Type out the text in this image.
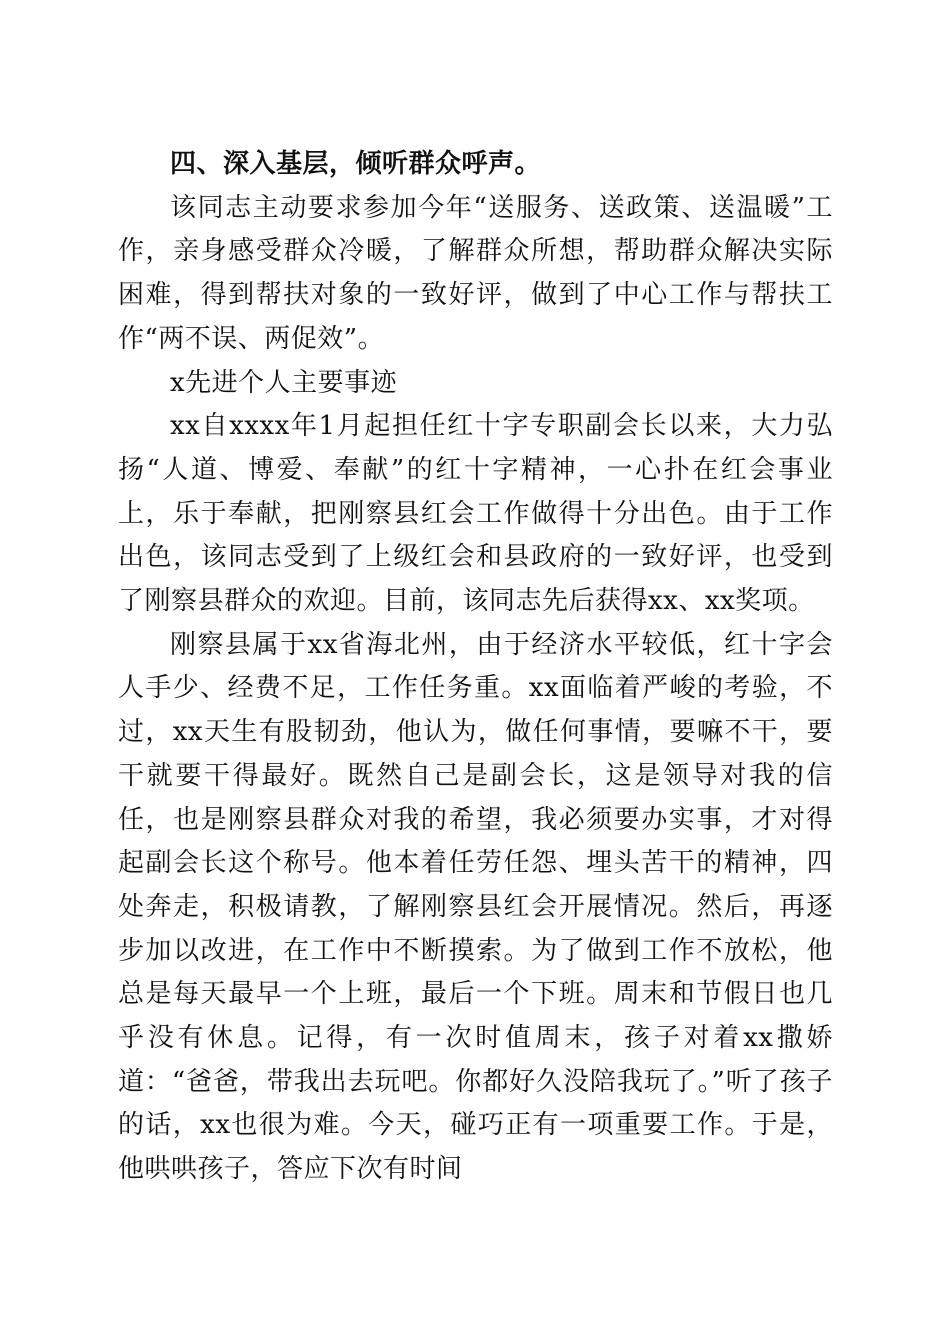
四、深入基层，倾听群众呼声。

该同志主动要求参加今年“送服务、送政策、送温暖”工作，亲身感受群众冷暖，了解群众所想，帮助群众解决实际困难，得到帮扶对象的一致好评，做到了中心工作与帮扶工作“两不误、两促效”。

x先进个人主要事迹

xx自xxxx年1月起担任红十字专职副会长以来，大力弘扬“人道、博爱、奉献”的红十字精神，一心扑在红会事业上，乐于奉献，把刚察县红会工作做得十分出色。由于工作出色，该同志受到了上级红会和县政府的一致好评，也受到了刚察县群众的欢迎。目前，该同志先后获得xx、xx奖项。

刚察县属于xx省海北州，由于经济水平较低，红十字会人手少、经费不足，工作任务重。xx面临着严峻的考验，不过，xx天生有股韧劲，他认为，做任何事情，要嘛不干，要干就要干得最好。既然自己是副会长，这是领导对我的信任，也是刚察县群众对我的希望，我必须要办实事，才对得起副会长这个称号。他本着任劳任怨、埋头苦干的精神，四处奔走，积极请教，了解刚察县红会开展情况。然后，再逐步加以改进，在工作中不断摸索。为了做到工作不放松，他总是每天最早一个上班，最后一个下班。周末和节假日也几乎没有休息。记得，有一次时值周末，孩子对着xx撒娇道：“爸爸，带我出去玩吧。你都好久没陪我玩了。”听了孩子的话，xx也很为难。今天，碰巧正有一项重要工作。于是，他哄哄孩子，答应下次有时间
